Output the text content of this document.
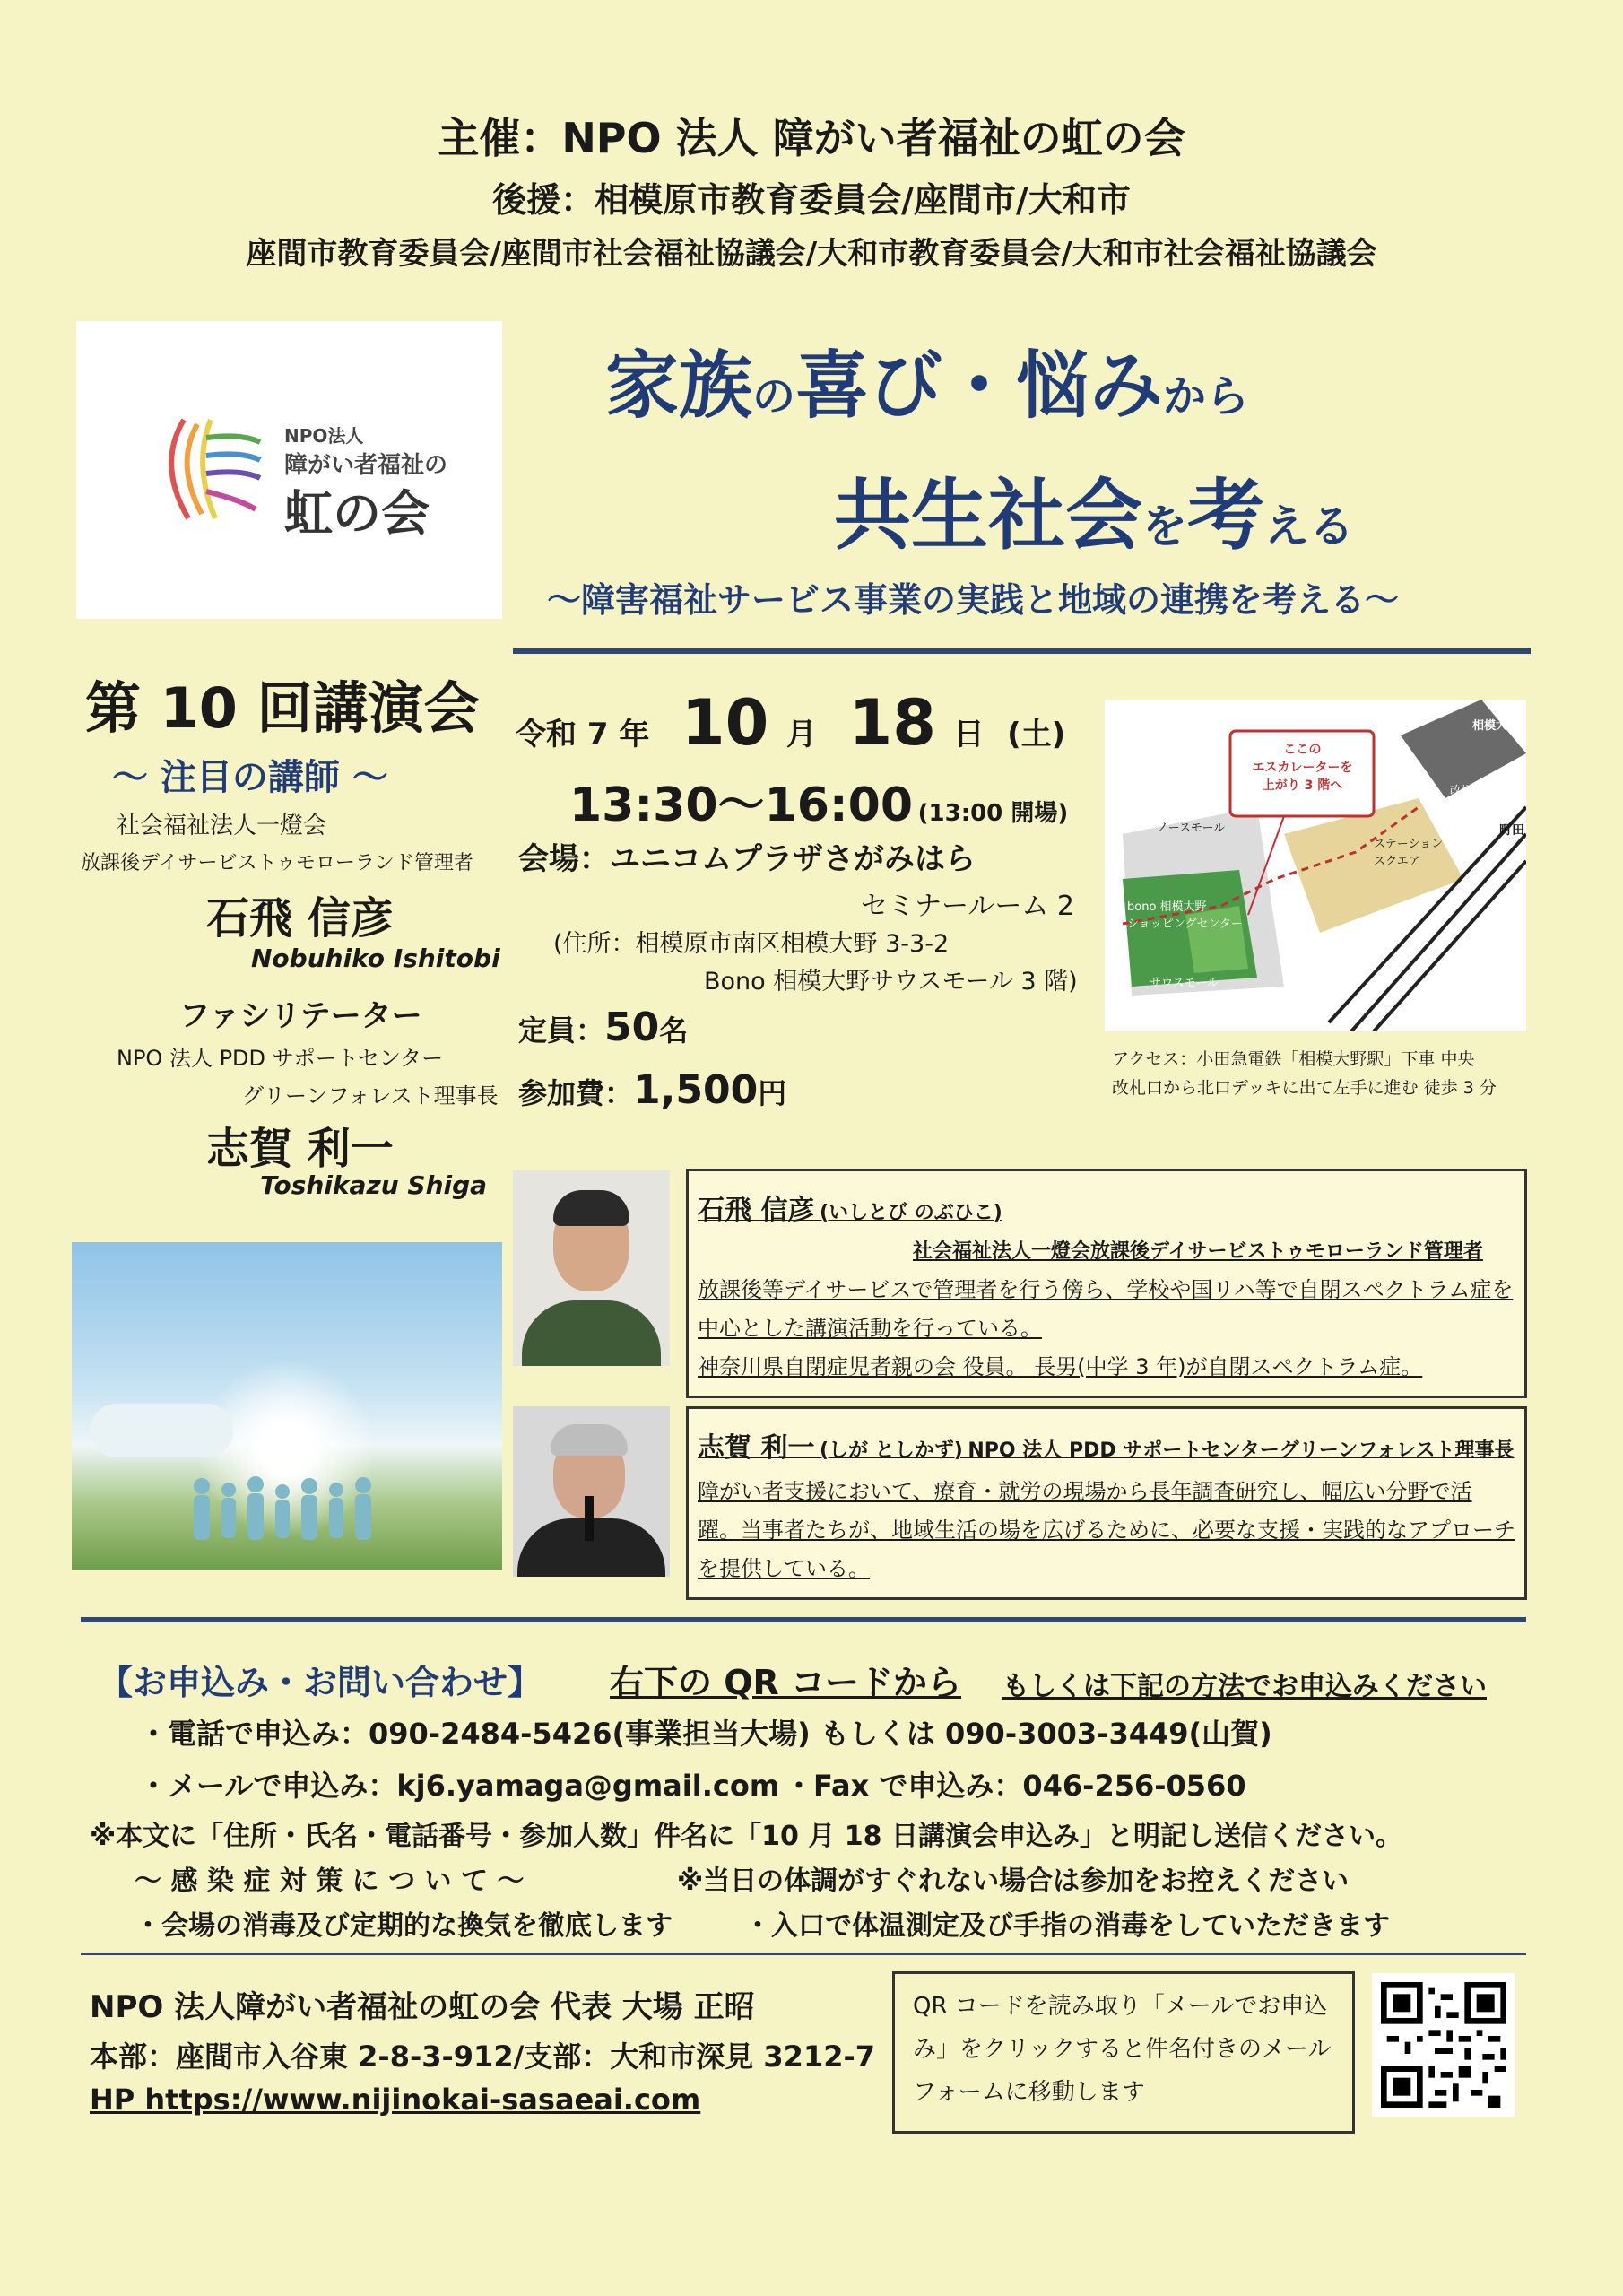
主催：NPO 法人 障がい者福祉の虹の会
後援：相模原市教育委員会/座間市/大和市
座間市教育委員会/座間市社会福祉協議会/大和市教育委員会/大和市社会福祉協議会
NPO法人
障がい者福祉の
虹の会
家族の喜び・悩みから
共生社会を考える
～障害福祉サービス事業の実践と地域の連携を考える～
第 10 回講演会
～ 注目の講師 ～
社会福祉法人一燈会
放課後デイサービストゥモローランド管理者
石飛 信彦
Nobuhiko Ishitobi
ファシリテーター
NPO 法人 PDD サポートセンター
グリーンフォレスト理事長
志賀 利一
Toshikazu Shiga
令和 7 年 10 月 18 日 (土)
13:30～16:00 (13:00 開場)
会場：ユニコムプラザさがみはら
セミナールーム 2
(住所：相模原市南区相模大野 3-3-2
Bono 相模大野サウスモール 3 階)
定員：50名
参加費：1,500円
ここの
エスカレーターを
上がり 3 階へ
ノースモール
bono 相模大野
ショッピングセンター
サウスモール
ステーション
スクエア
相模大野
改札口
町田
アクセス：小田急電鉄「相模大野駅」下車 中央
改札口から北口デッキに出て左手に進む 徒歩 3 分
石飛 信彦 (いしとび のぶひこ)
社会福祉法人一燈会放課後デイサービストゥモローランド管理者
放課後等デイサービスで管理者を行う傍ら、学校や国リハ等で自閉スペクトラム症を
中心とした講演活動を行っている。
神奈川県自閉症児者親の会 役員。 長男(中学 3 年)が自閉スペクトラム症。
志賀 利一 (しが としかず) NPO 法人 PDD サポートセンターグリーンフォレスト理事長
障がい者支援において、療育・就労の現場から長年調査研究し、幅広い分野で活
躍。当事者たちが、地域生活の場を広げるために、必要な支援・実践的なアプローチ
を提供している。
【お申込み・お問い合わせ】 右下の QR コードから もしくは下記の方法でお申込みください
・電話で申込み：090-2484-5426(事業担当大場) もしくは 090-3003-3449(山賀)
・メールで申込み：kj6.yamaga@gmail.com ・Fax で申込み：046-256-0560
※本文に「住所・氏名・電話番号・参加人数」件名に「10 月 18 日講演会申込み」と明記し送信ください。
～ 感 染 症 対 策 に つ い て ～	※当日の体調がすぐれない場合は参加をお控えください
・会場の消毒及び定期的な換気を徹底します	・入口で体温測定及び手指の消毒をしていただきます
NPO 法人障がい者福祉の虹の会 代表 大場 正昭
本部：座間市入谷東 2-8-3-912/支部：大和市深見 3212-7
HP https://www.nijinokai-sasaeai.com
QR コードを読み取り「メールでお申込み」をクリックすると件名付きのメールフォームに移動します
